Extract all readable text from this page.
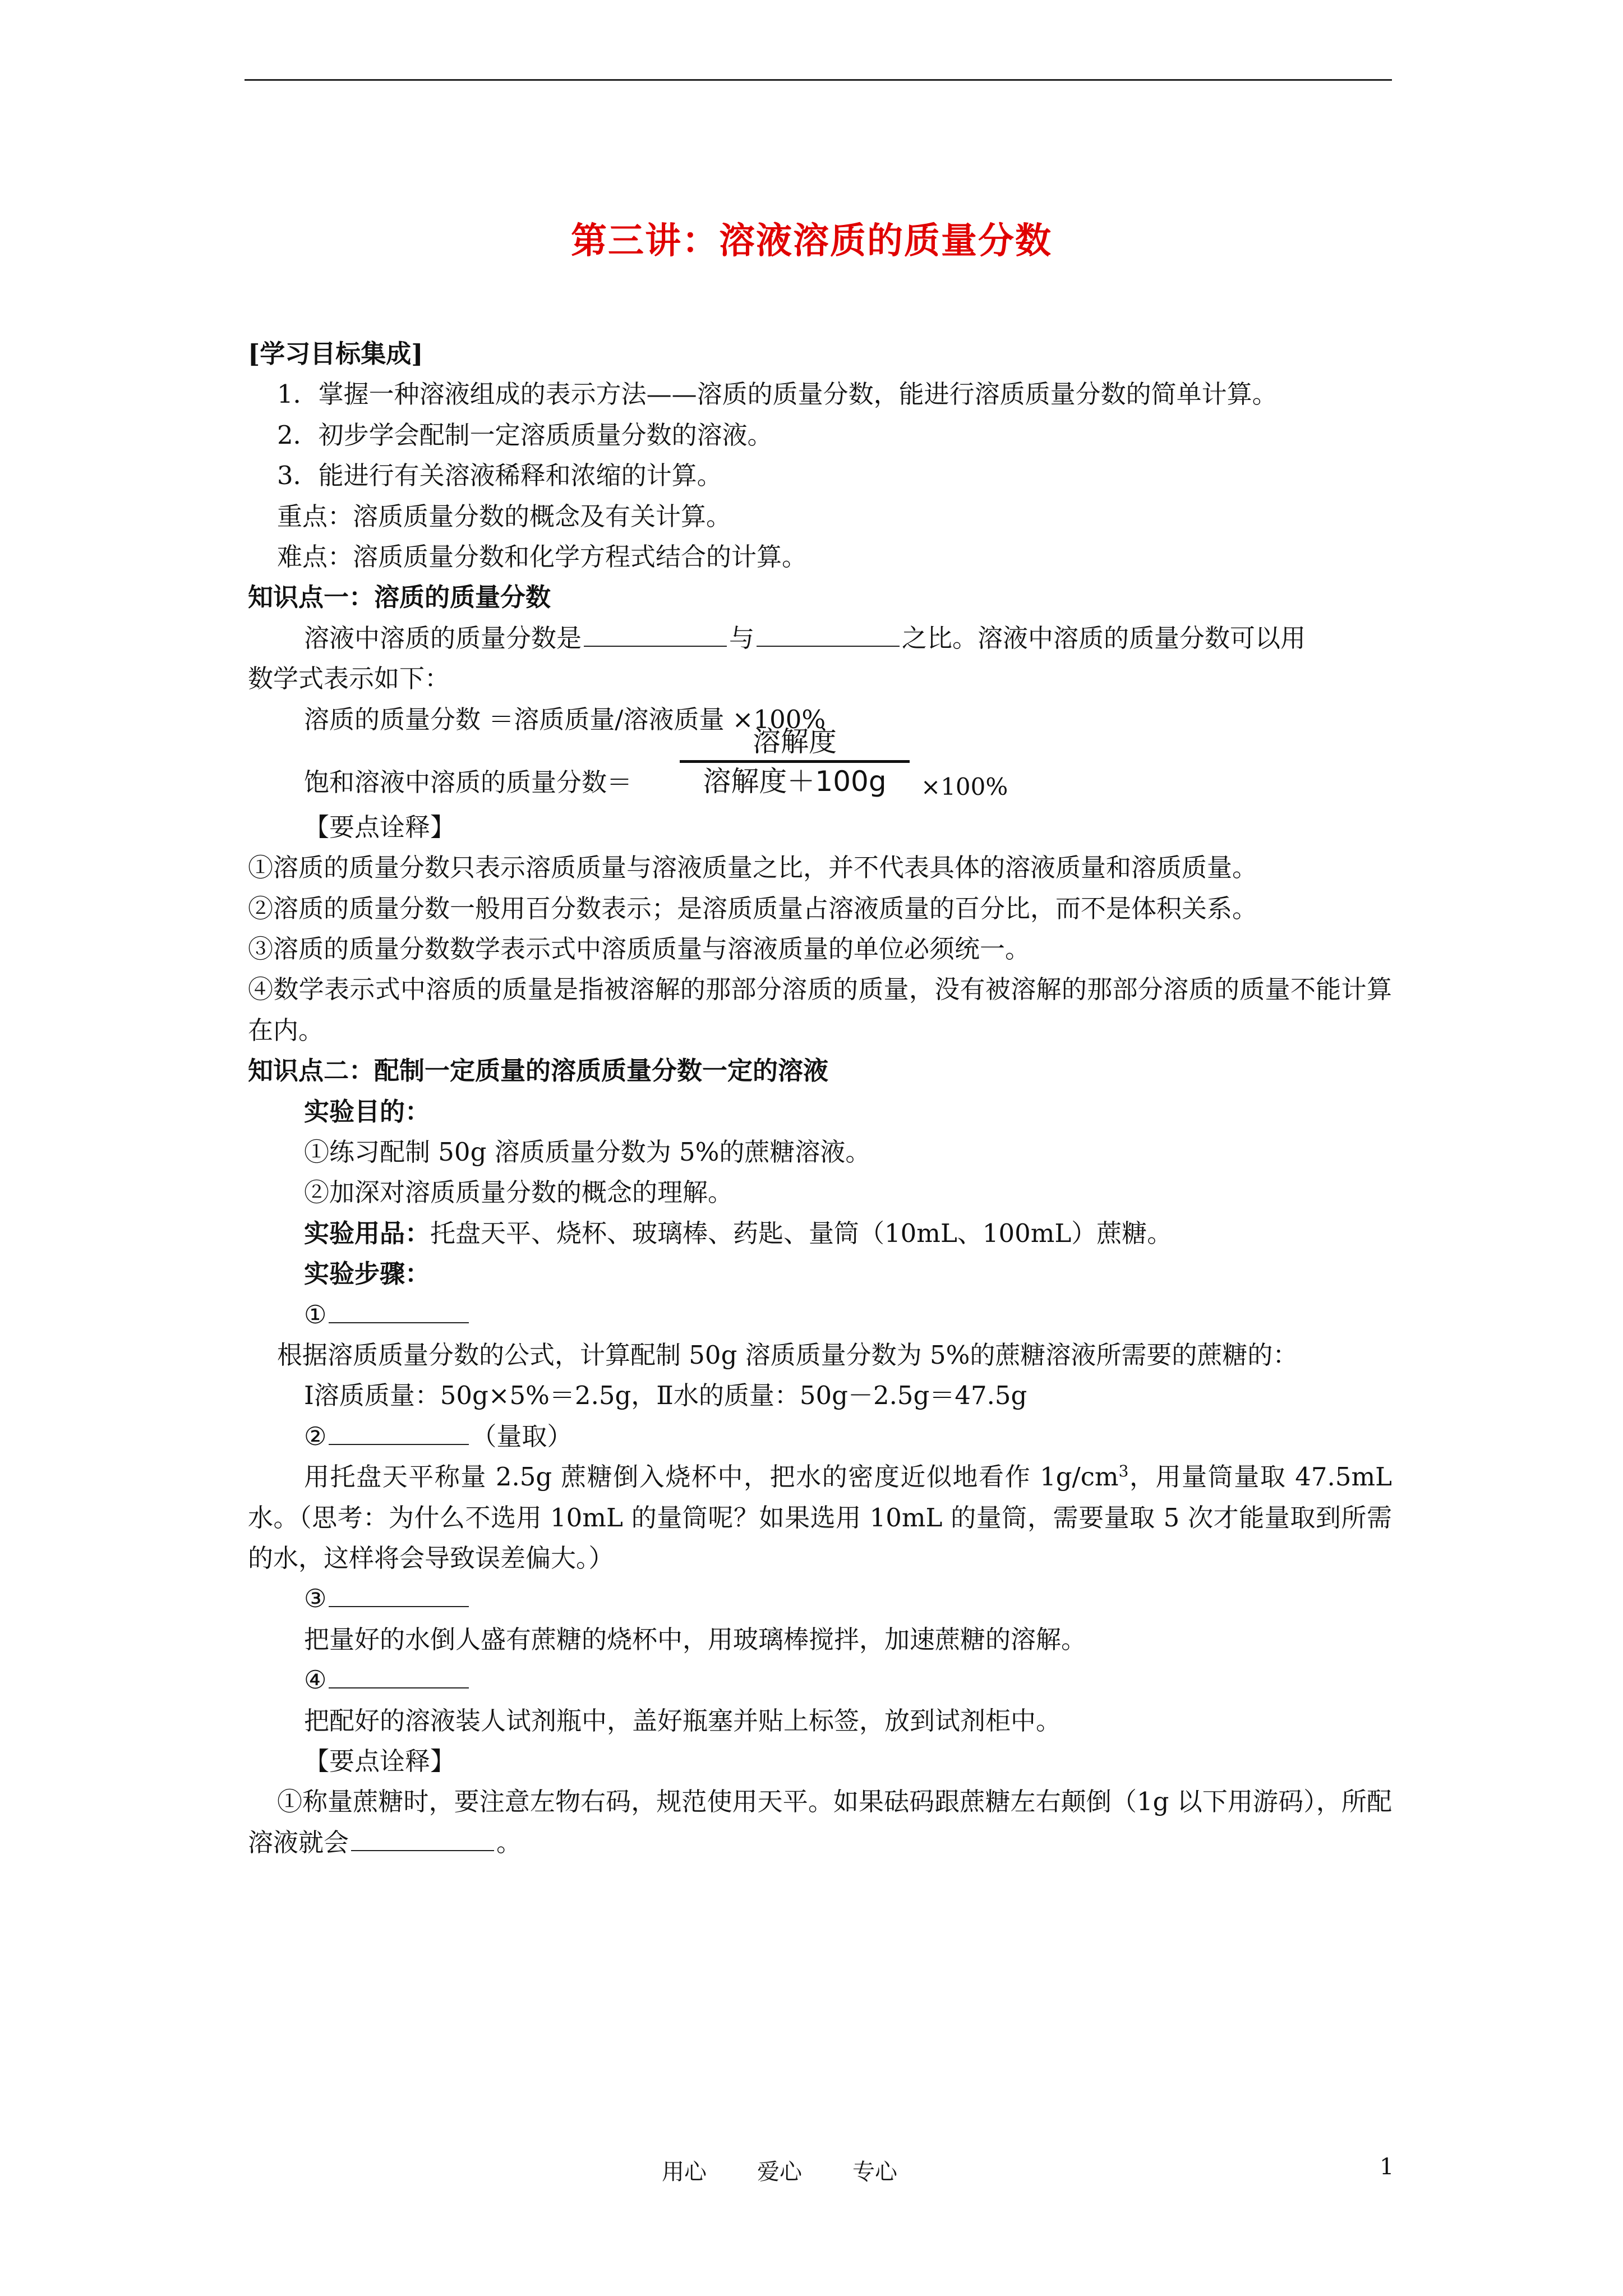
第三讲：溶液溶质的质量分数
[学习目标集成]
1．掌握一种溶液组成的表示方法——溶质的质量分数，能进行溶质质量分数的简单计算。
2．初步学会配制一定溶质质量分数的溶液。
3．能进行有关溶液稀释和浓缩的计算。
重点：溶质质量分数的概念及有关计算。
难点：溶质质量分数和化学方程式结合的计算。
知识点一：溶质的质量分数
溶液中溶质的质量分数是	与	之比。溶液中溶质的质量分数可以用
数学式表示如下：
溶质的质量分数 ＝溶质质量/溶液质量 ×100%
饱和溶液中溶质的质量分数＝
溶解度
溶解度＋100g	×100%
【要点诠释】
①溶质的质量分数只表示溶质质量与溶液质量之比，并不代表具体的溶液质量和溶质质量。
②溶质的质量分数一般用百分数表示；是溶质质量占溶液质量的百分比，而不是体积关系。
③溶质的质量分数数学表示式中溶质质量与溶液质量的单位必须统一。
④数学表示式中溶质的质量是指被溶解的那部分溶质的质量，没有被溶解的那部分溶质的质量不能计算在内。
知识点二：配制一定质量的溶质质量分数一定的溶液
实验目的：
①练习配制 50g 溶质质量分数为 5%的蔗糖溶液。
②加深对溶质质量分数的概念的理解。
实验用品：托盘天平、烧杯、玻璃棒、药匙、量筒（10mL、100mL）蔗糖。
实验步骤：
①
根据溶质质量分数的公式，计算配制 50g 溶质质量分数为 5%的蔗糖溶液所需要的蔗糖的：
Ⅰ溶质质量：50g×5%＝2.5g，Ⅱ水的质量：50g－2.5g＝47.5g
②	（量取）
用托盘天平称量 2.5g 蔗糖倒入烧杯中，把水的密度近似地看作 $1g/cm^3$，用量筒量取 47.5mL 水。（思考：为什么不选用 10mL 的量筒呢？如果选用 10mL 的量筒，需要量取 5 次才能量取到所需的水，这样将会导致误差偏大。）
③
把量好的水倒人盛有蔗糖的烧杯中，用玻璃棒搅拌，加速蔗糖的溶解。
④
把配好的溶液装人试剂瓶中，盖好瓶塞并贴上标签，放到试剂柜中。
【要点诠释】
①称量蔗糖时，要注意左物右码，规范使用天平。如果砝码跟蔗糖左右颠倒（1g 以下用游码），所配溶液就会	。
用心 爱心 专心	1
